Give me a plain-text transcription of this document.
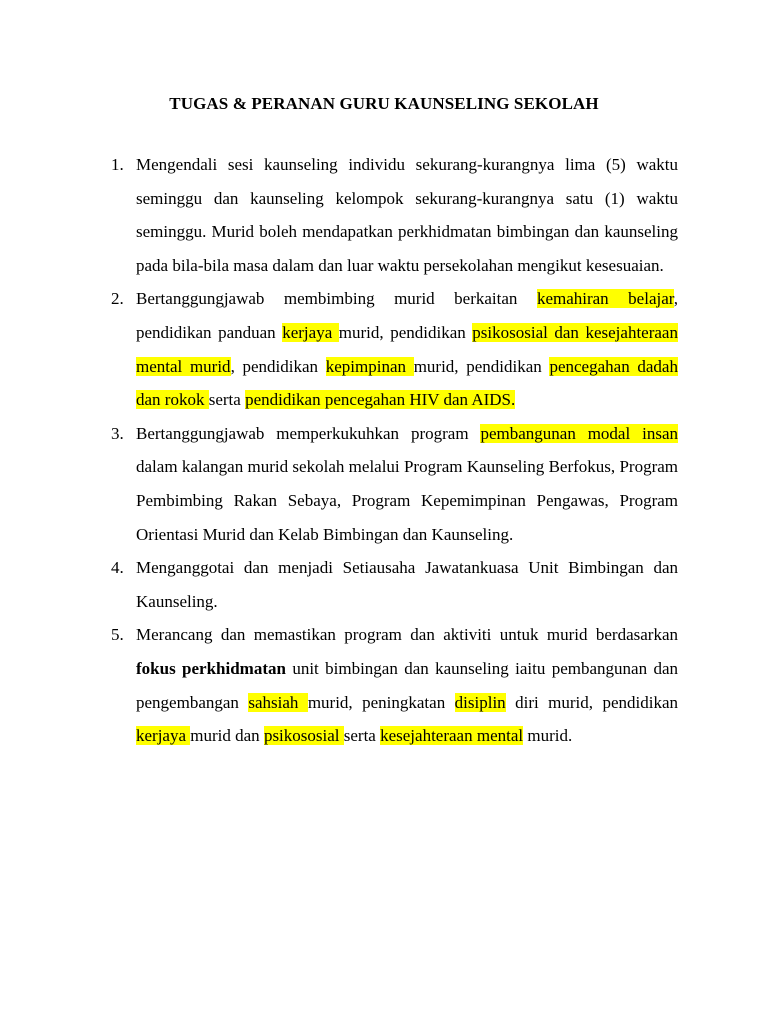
TUGAS & PERANAN GURU KAUNSELING SEKOLAH
1. Mengendali sesi kaunseling individu sekurang-kurangnya lima (5) waktu seminggu dan kaunseling kelompok sekurang-kurangnya satu (1) waktu seminggu. Murid boleh mendapatkan perkhidmatan bimbingan dan kaunseling pada bila-bila masa dalam dan luar waktu persekolahan mengikut kesesuaian.
2. Bertanggungjawab membimbing murid berkaitan kemahiran belajar, pendidikan panduan kerjaya murid, pendidikan psikososial dan kesejahteraan mental murid, pendidikan kepimpinan murid, pendidikan pencegahan dadah dan rokok serta pendidikan pencegahan HIV dan AIDS.
3. Bertanggungjawab memperkukuhkan program pembangunan modal insan dalam kalangan murid sekolah melalui Program Kaunseling Berfokus, Program Pembimbing Rakan Sebaya, Program Kepemimpinan Pengawas, Program Orientasi Murid dan Kelab Bimbingan dan Kaunseling.
4. Menganggotai dan menjadi Setiausaha Jawatankuasa Unit Bimbingan dan Kaunseling.
5. Merancang dan memastikan program dan aktiviti untuk murid berdasarkan fokus perkhidmatan unit bimbingan dan kaunseling iaitu pembangunan dan pengembangan sahsiah murid, peningkatan disiplin diri murid, pendidikan kerjaya murid dan psikososial serta kesejahteraan mental murid.
